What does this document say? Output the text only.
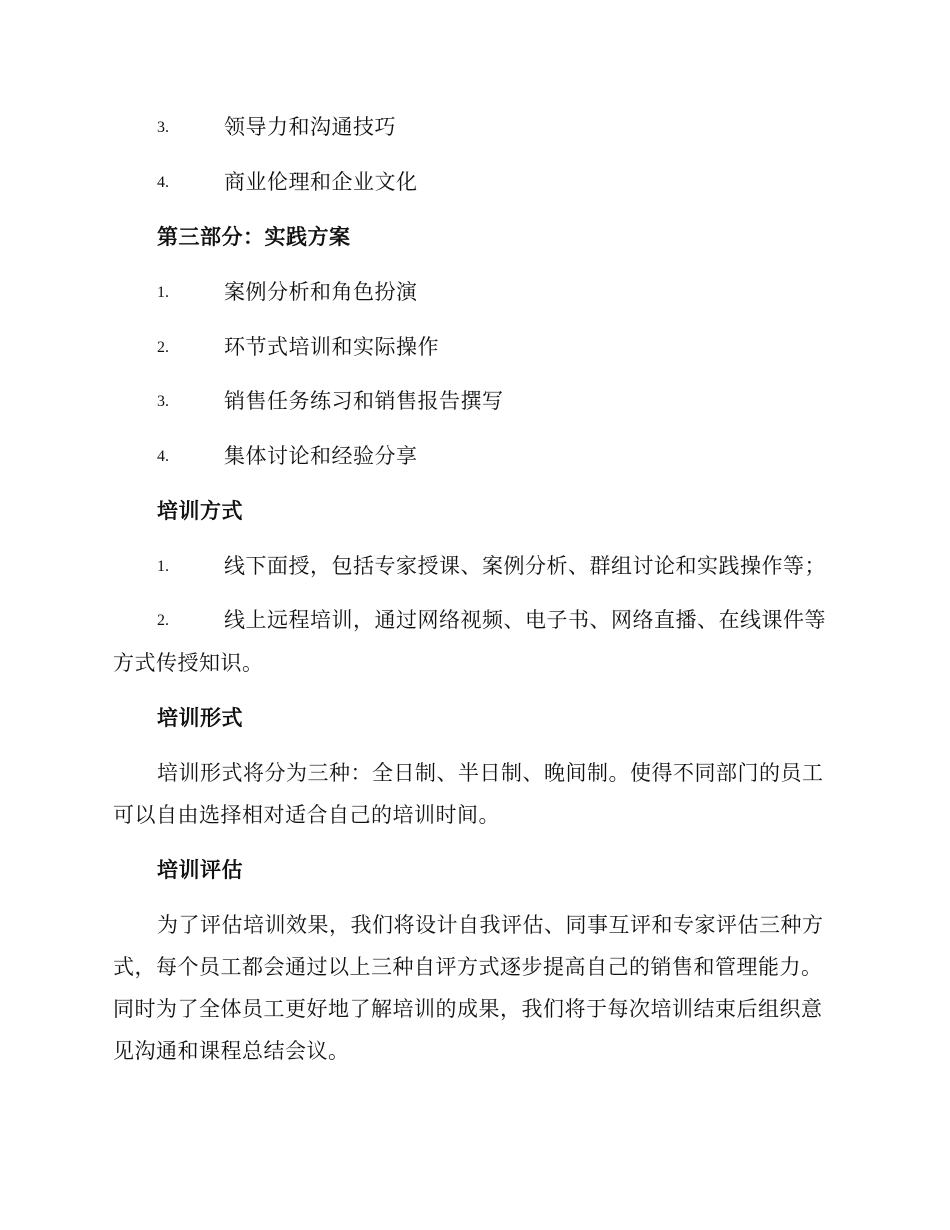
3.	领导力和沟通技巧
4.	商业伦理和企业文化
第三部分：实践方案
1.	案例分析和角色扮演
2.	环节式培训和实际操作
3.	销售任务练习和销售报告撰写
4.	集体讨论和经验分享
培训方式
1.	线下面授，包括专家授课、案例分析、群组讨论和实践操作等；
2.	线上远程培训，通过网络视频、电子书、网络直播、在线课件等
方式传授知识。
培训形式
培训形式将分为三种：全日制、半日制、晚间制。使得不同部门的员工
可以自由选择相对适合自己的培训时间。
培训评估
为了评估培训效果，我们将设计自我评估、同事互评和专家评估三种方
式，每个员工都会通过以上三种自评方式逐步提高自己的销售和管理能力。
同时为了全体员工更好地了解培训的成果，我们将于每次培训结束后组织意
见沟通和课程总结会议。
